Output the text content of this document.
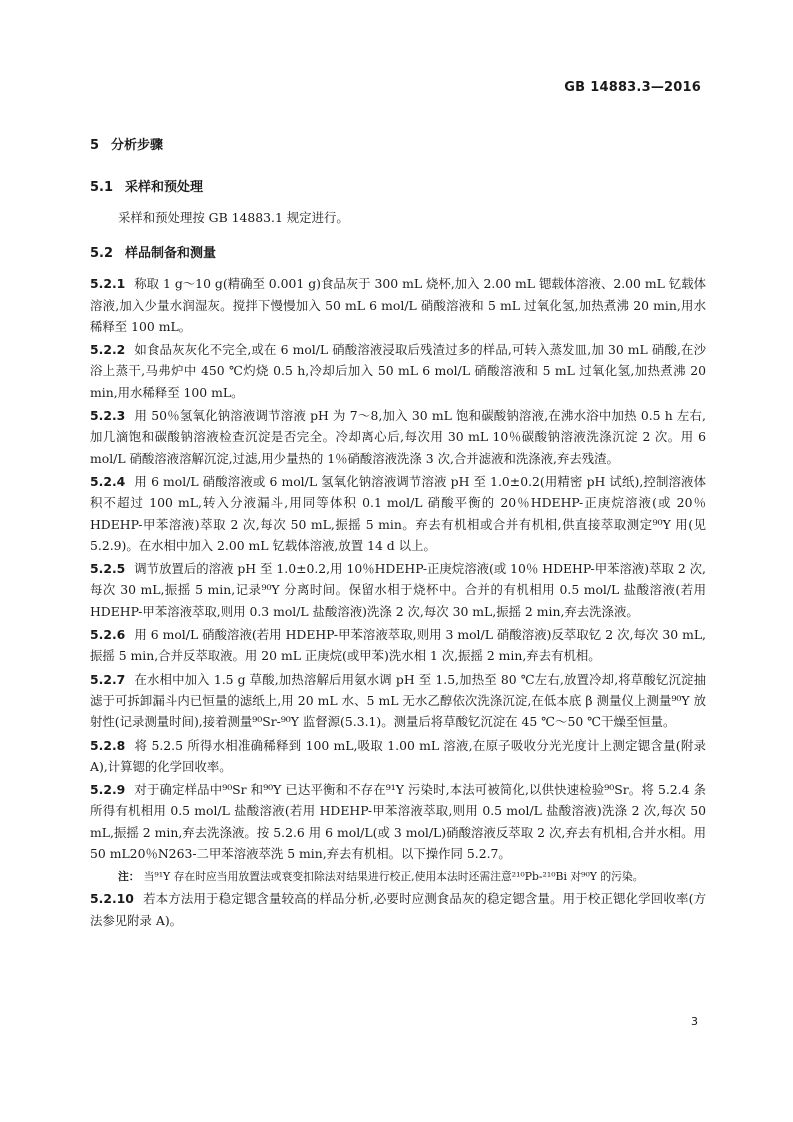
GB 14883.3—2016
5 分析步骤
5.1 采样和预处理

采样和预处理按 GB 14883.1 规定进行。

5.2 样品制备和测量

5.2.1 称取 1 g～10 g(精确至 0.001 g)食品灰于 300 mL 烧杯,加入 2.00 mL 锶载体溶液、2.00 mL 钇载体溶液,加入少量水润湿灰。搅拌下慢慢加入 50 mL 6 mol/L 硝酸溶液和 5 mL 过氧化氢,加热煮沸 20 min,用水稀释至 100 mL。

5.2.2 如食品灰灰化不完全,或在 6 mol/L 硝酸溶液浸取后残渣过多的样品,可转入蒸发皿,加 30 mL 硝酸,在沙浴上蒸干,马弗炉中 450 ℃灼烧 0.5 h,冷却后加入 50 mL 6 mol/L 硝酸溶液和 5 mL 过氧化氢,加热煮沸 20 min,用水稀释至 100 mL。

5.2.3 用 50％氢氧化钠溶液调节溶液 pH 为 7～8,加入 30 mL 饱和碳酸钠溶液,在沸水浴中加热 0.5 h 左右,加几滴饱和碳酸钠溶液检查沉淀是否完全。冷却离心后,每次用 30 mL 10％碳酸钠溶液洗涤沉淀 2 次。用 6 mol/L 硝酸溶液溶解沉淀,过滤,用少量热的 1％硝酸溶液洗涤 3 次,合并滤液和洗涤液,弃去残渣。

5.2.4 用 6 mol/L 硝酸溶液或 6 mol/L 氢氧化钠溶液调节溶液 pH 至 1.0±0.2(用精密 pH 试纸),控制溶液体积不超过 100 mL,转入分液漏斗,用同等体积 0.1 mol/L 硝酸平衡的 20％HDEHP-正庚烷溶液(或 20％ HDEHP-甲苯溶液)萃取 2 次,每次 50 mL,振摇 5 min。弃去有机相或合并有机相,供直接萃取测定⁹⁰Y 用(见 5.2.9)。在水相中加入 2.00 mL 钇载体溶液,放置 14 d 以上。

5.2.5 调节放置后的溶液 pH 至 1.0±0.2,用 10％HDEHP-正庚烷溶液(或 10％ HDEHP-甲苯溶液)萃取 2 次,每次 30 mL,振摇 5 min,记录⁹⁰Y 分离时间。保留水相于烧杯中。合并的有机相用 0.5 mol/L 盐酸溶液(若用 HDEHP-甲苯溶液萃取,则用 0.3 mol/L 盐酸溶液)洗涤 2 次,每次 30 mL,振摇 2 min,弃去洗涤液。

5.2.6 用 6 mol/L 硝酸溶液(若用 HDEHP-甲苯溶液萃取,则用 3 mol/L 硝酸溶液)反萃取钇 2 次,每次 30 mL,振摇 5 min,合并反萃取液。用 20 mL 正庚烷(或甲苯)洗水相 1 次,振摇 2 min,弃去有机相。

5.2.7 在水相中加入 1.5 g 草酸,加热溶解后用氨水调 pH 至 1.5,加热至 80 ℃左右,放置冷却,将草酸钇沉淀抽滤于可拆卸漏斗内已恒量的滤纸上,用 20 mL 水、5 mL 无水乙醇依次洗涤沉淀,在低本底 β 测量仪上测量⁹⁰Y 放射性(记录测量时间),接着测量⁹⁰Sr-⁹⁰Y 监督源(5.3.1)。测量后将草酸钇沉淀在 45 ℃～50 ℃干燥至恒量。

5.2.8 将 5.2.5 所得水相准确稀释到 100 mL,吸取 1.00 mL 溶液,在原子吸收分光光度计上测定锶含量(附录 A),计算锶的化学回收率。

5.2.9 对于确定样品中⁹⁰Sr 和⁹⁰Y 已达平衡和不存在⁹¹Y 污染时,本法可被简化,以供快速检验⁹⁰Sr。将 5.2.4 条所得有机相用 0.5 mol/L 盐酸溶液(若用 HDEHP-甲苯溶液萃取,则用 0.5 mol/L 盐酸溶液)洗涤 2 次,每次 50 mL,振摇 2 min,弃去洗涤液。按 5.2.6 用 6 mol/L(或 3 mol/L)硝酸溶液反萃取 2 次,弃去有机相,合并水相。用 50 mL20％N263-二甲苯溶液萃洗 5 min,弃去有机相。以下操作同 5.2.7。

注： 当⁹¹Y 存在时应当用放置法或衰变扣除法对结果进行校正,使用本法时还需注意²¹⁰Pb-²¹⁰Bi 对⁹⁰Y 的污染。

5.2.10 若本方法用于稳定锶含量较高的样品分析,必要时应测食品灰的稳定锶含量。用于校正锶化学回收率(方法参见附录 A)。

3
